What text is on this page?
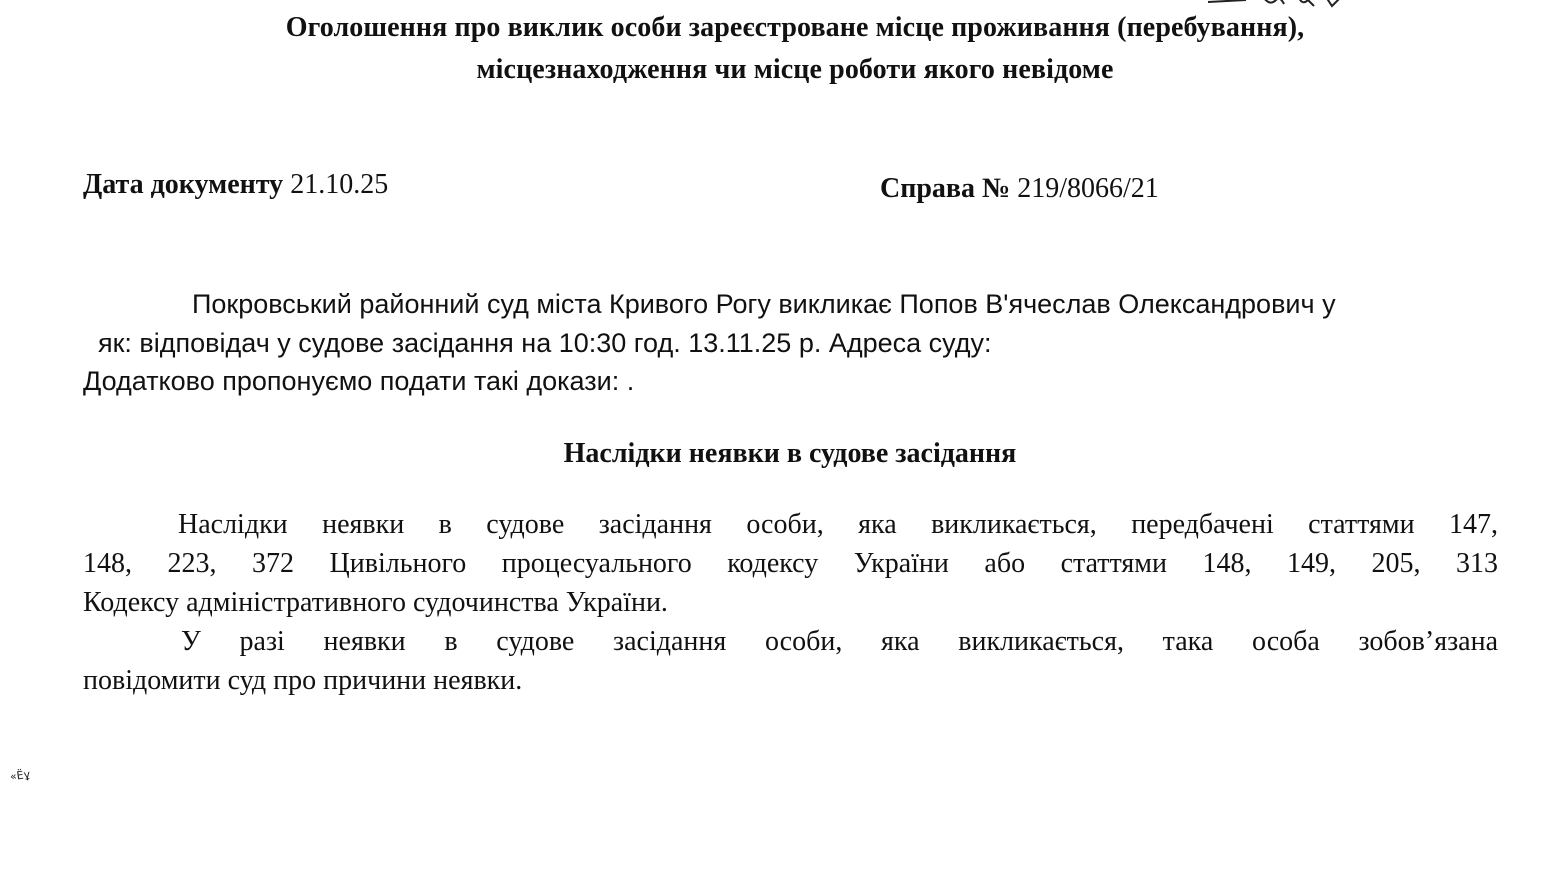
Оголошення про виклик особи зареєстроване місце проживання (перебування),
місцезнаходження чи місце роботи якого невідоме
Дата документу 21.10.25	Справа № 219/8066/21
Покровський районний суд міста Кривого Рогу викликає Попов В'ячеслав Олександрович у
як: відповідач у судове засідання на 10:30 год. 13.11.25 р. Адреса суду:
Додатково пропонуємо подати такі докази: .
Наслідки неявки в судове засідання
Наслідки неявки в судове засідання особи, яка викликається, передбачені статтями 147,
148, 223, 372 Цивільного процесуального кодексу України або статтями 148, 149, 205, 313
Кодексу адміністративного судочинства України.
У разі неявки в судове засідання особи, яка викликається, така особа зобов’язана
повідомити суд про причини неявки.
«Ёұ
